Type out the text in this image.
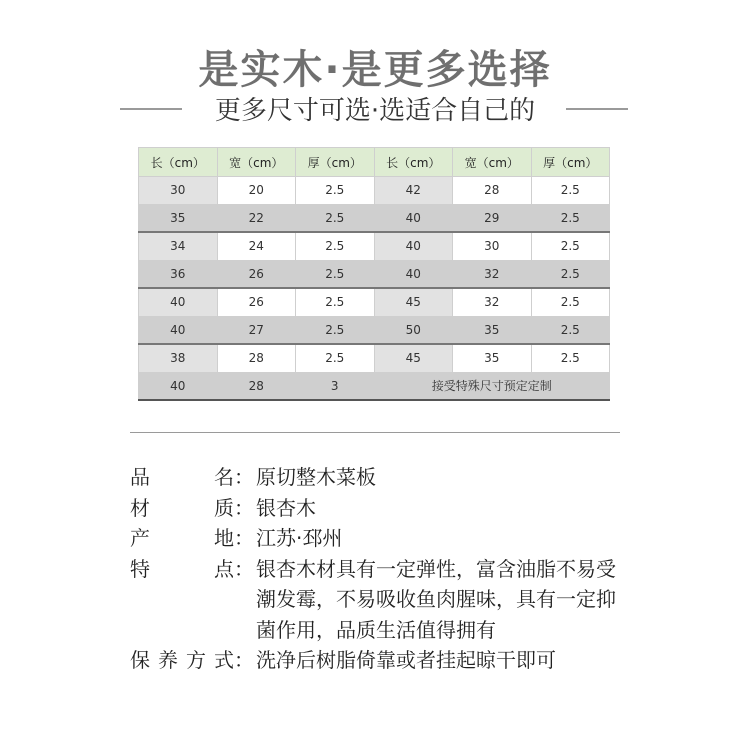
是实木·是更多选择
更多尺寸可选·选适合自己的
长（cm）	宽（cm）	厚（cm）	长（cm）	宽（cm）	厚（cm）
30	20	2.5	42	28	2.5
35	22	2.5	40	29	2.5
34	24	2.5	40	30	2.5
36	26	2.5	40	32	2.5
40	26	2.5	45	32	2.5
40	27	2.5	50	35	2.5
38	28	2.5	45	35	2.5
40	28	3	接受特殊尺寸预定定制		
品	名 ： 原切整木菜板
材	质 ： 银杏木
产	地 ： 江苏·邳州
特	点 ： 银杏木材具有一定弹性，富含油脂不易受潮发霉，不易吸收鱼肉腥味，具有一定抑菌作用，品质生活值得拥有
保 养 方 式 ： 洗净后树脂倚靠或者挂起晾干即可
